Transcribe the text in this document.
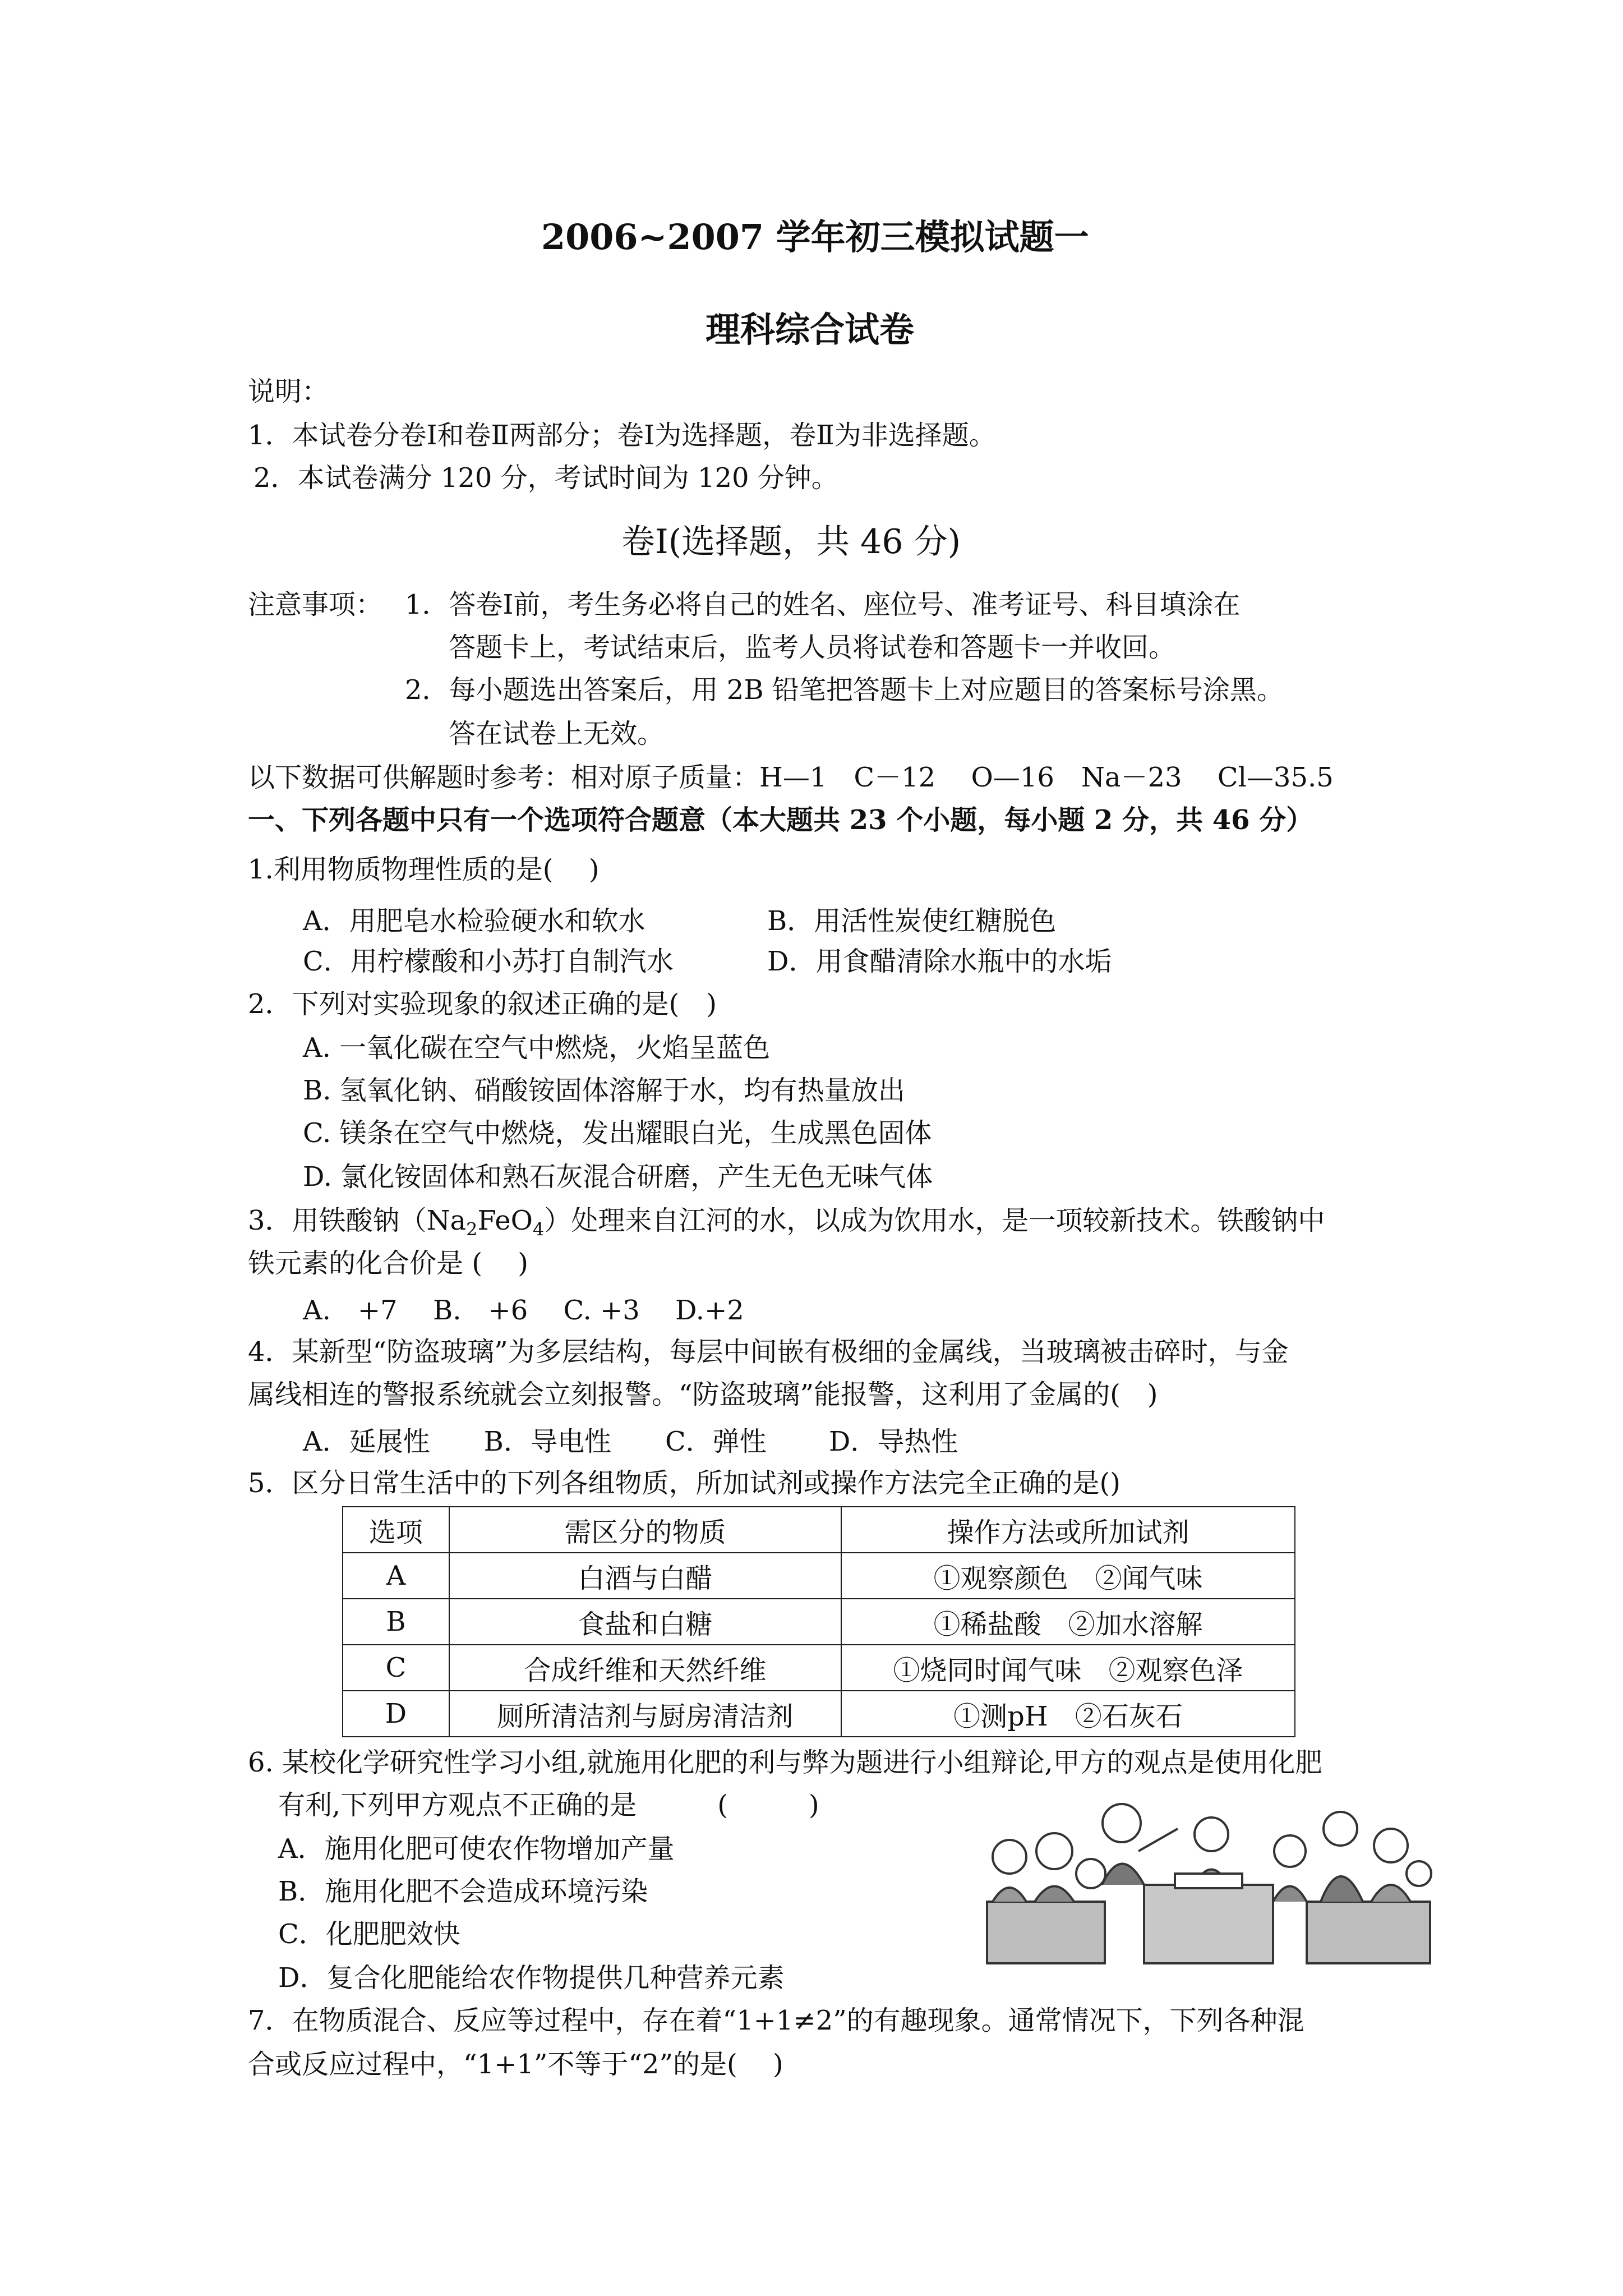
2006~2007 学年初三模拟试题一
理科综合试卷
说明：
1．本试卷分卷Ⅰ和卷Ⅱ两部分；卷Ⅰ为选择题，卷Ⅱ为非选择题。
2．本试卷满分 120 分，考试时间为 120 分钟。
卷Ⅰ(选择题，共 46 分)
注意事项： 1．答卷Ⅰ前，考生务必将自己的姓名、座位号、准考证号、科目填涂在
答题卡上，考试结束后，监考人员将试卷和答题卡一并收回。
2．每小题选出答案后，用 2B 铅笔把答题卡上对应题目的答案标号涂黑。
答在试卷上无效。
以下数据可供解题时参考：相对原子质量：H—1　C－12　 O—16　Na－23　 Cl—35.5
一、下列各题中只有一个选项符合题意（本大题共 23 个小题，每小题 2 分，共 46 分）
1.利用物质物理性质的是(　 )
A．用肥皂水检验硬水和软水	B．用活性炭使红糖脱色
C．用柠檬酸和小苏打自制汽水	D．用食醋清除水瓶中的水垢
2．下列对实验现象的叙述正确的是(　)
A. 一氧化碳在空气中燃烧，火焰呈蓝色
B. 氢氧化钠、硝酸铵固体溶解于水，均有热量放出
C. 镁条在空气中燃烧，发出耀眼白光，生成黑色固体
D. 氯化铵固体和熟石灰混合研磨，产生无色无味气体
3．用铁酸钠$(Na_2FeO_4)$处理来自江河的水，以成为饮用水，是一项较新技术。铁酸钠中
铁元素的化合价是 (　 )
A.　+7　 B.　+6　 C. +3　 D.+2
4．某新型“防盗玻璃”为多层结构，每层中间嵌有极细的金属线，当玻璃被击碎时，与金
属线相连的警报系统就会立刻报警。“防盗玻璃”能报警，这利用了金属的(　)
A．延展性　　B．导电性　　C．弹性　　 D．导热性
5．区分日常生活中的下列各组物质，所加试剂或操作方法完全正确的是()
选项	需区分的物质	操作方法或所加试剂
A	白酒与白醋	①观察颜色　②闻气味
B	食盐和白糖	①稀盐酸　②加水溶解
C	合成纤维和天然纤维	①烧同时闻气味　②观察色泽
D	厕所清洁剂与厨房清洁剂	①测pH　②石灰石
6. 某校化学研究性学习小组,就施用化肥的利与弊为题进行小组辩论,甲方的观点是使用化肥
有利,下列甲方观点不正确的是　　　(　　　)
A．施用化肥可使农作物增加产量
B．施用化肥不会造成环境污染
C．化肥肥效快
D．复合化肥能给农作物提供几种营养元素
7．在物质混合、反应等过程中，存在着“1+1≠2”的有趣现象。通常情况下，下列各种混
合或反应过程中，“1+1”不等于“2”的是(　 )
